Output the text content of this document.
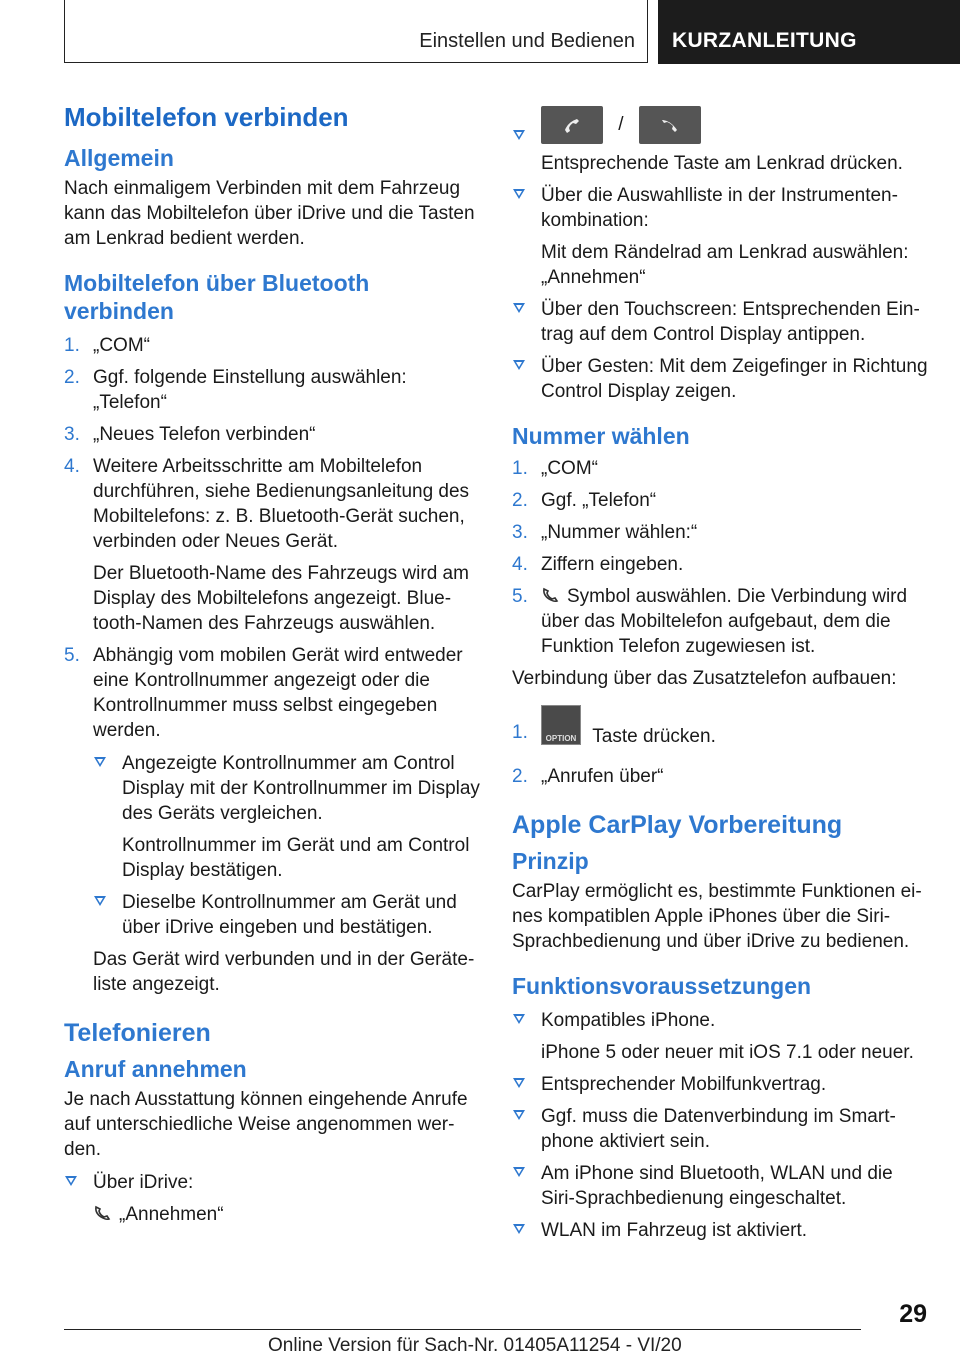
Einstellen und Bedienen KURZANLEITUNG
Mobiltelefon verbinden
Allgemein

Nach einmaligem Verbinden mit dem Fahrzeug kann das Mobiltelefon über iDrive und die Tasten am Lenkrad bedient werden.

Mobiltelefon über Bluetooth verbinden
1. „COM“
2. Ggf. folgende Einstellung auswählen: „Telefon“
3. „Neues Telefon verbinden“
4. Weitere Arbeitsschritte am Mobiltelefon durchführen, siehe Bedienungsanleitung des Mobiltelefons: z. B. Bluetooth-Gerät suchen, verbinden oder Neues Gerät.
Der Bluetooth-Name des Fahrzeugs wird am Display des Mobiltelefons angezeigt. Bluetooth-Namen des Fahrzeugs auswählen.
5. Abhängig vom mobilen Gerät wird entweder eine Kontrollnummer angezeigt oder die Kontrollnummer muss selbst eingegeben werden.
Angezeigte Kontrollnummer am Control Display mit der Kontrollnummer im Display des Geräts vergleichen.
Kontrollnummer im Gerät und am Control Display bestätigen.
Dieselbe Kontrollnummer am Gerät und über iDrive eingeben und bestätigen.
Das Gerät wird verbunden und in der Geräteliste angezeigt.
Telefonieren
Anruf annehmen

Je nach Ausstattung können eingehende Anrufe auf unterschiedliche Weise angenommen werden.

Über iDrive:
„Annehmen“
/
Entsprechende Taste am Lenkrad drücken.
Über die Auswahlliste in der Instrumentenkombination:
Mit dem Rändelrad am Lenkrad auswählen: „Annehmen“
Über den Touchscreen: Entsprechenden Eintrag auf dem Control Display antippen.
Über Gesten: Mit dem Zeigefinger in Richtung Control Display zeigen.
Nummer wählen
1. „COM“
2. Ggf. „Telefon“
3. „Nummer wählen:“
4. Ziffern eingeben.
5. Symbol auswählen. Die Verbindung wird über das Mobiltelefon aufgebaut, dem die Funktion Telefon zugewiesen ist.

Verbindung über das Zusatztelefon aufbauen:

1.	OPTION Taste drücken.
2. „Anrufen über“
Apple CarPlay Vorbereitung
Prinzip

CarPlay ermöglicht es, bestimmte Funktionen eines kompatiblen Apple iPhones über die Siri-Sprachbedienung und über iDrive zu bedienen.

Funktionsvoraussetzungen
Kompatibles iPhone.
iPhone 5 oder neuer mit iOS 7.1 oder neuer.
Entsprechender Mobilfunkvertrag.
Ggf. muss die Datenverbindung im Smartphone aktiviert sein.
Am iPhone sind Bluetooth, WLAN und die Siri-Sprachbedienung eingeschaltet.
WLAN im Fahrzeug ist aktiviert.
29
Online Version für Sach-Nr. 01405A11254 - VI/20
